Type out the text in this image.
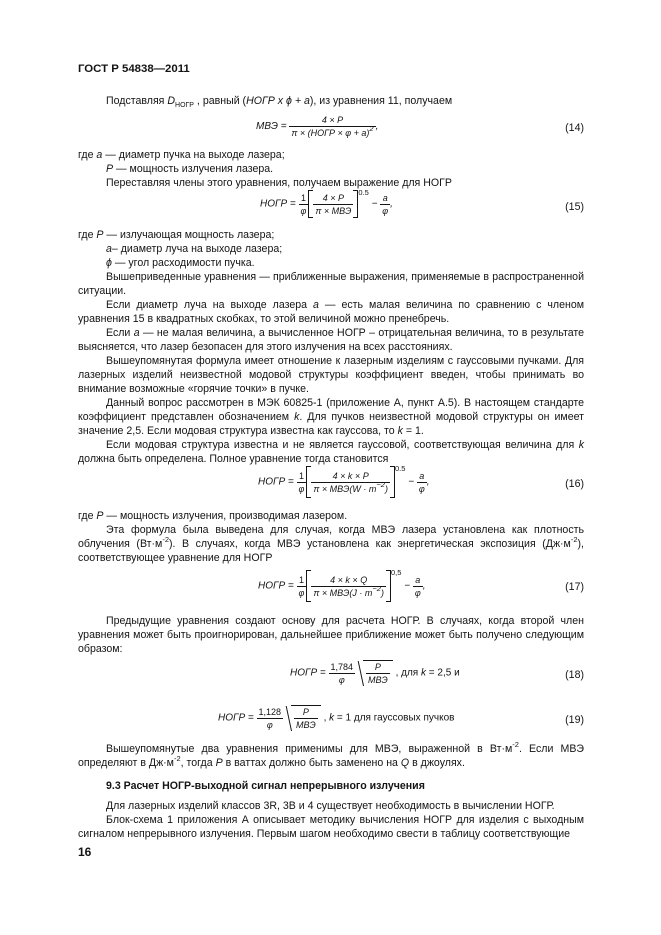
ГОСТ Р 54838—2011
Подставляя $D_{НОГР}$ , равный (НОГР х ϕ + а), из уравнения 11, получаем
МВЭ = $\frac{4 \times Р}{\pi \times (НОГР \times \varphi + а)^2}$ ,	(14)
где а — диаметр пучка на выходе лазера;
Р — мощность излучения лазера.
Переставляя члены этого уравнения, получаем выражение для НОГР
НОГР = $\frac{1}{\varphi} \frac{4 \times Р}{\text{π × МВЭ}} ^{0.5} - \frac{а}{\varphi}$ ,	(15)
где Р — излучающая мощность лазера;
а– диаметр луча на выходе лазера;
ϕ — угол расходимости пучка.
Вышеприведенные уравнения — приближенные выражения, применяемые в распространенной ситуации.
Если диаметр луча на выходе лазера а — есть малая величина по сравнению с членом уравнения 15 в квадратных скобках, то этой величиной можно пренебречь.
Если а — не малая величина, а вычисленное НОГР – отрицательная величина, то в результате выясняется, что лазер безопасен для этого излучения на всех расстояниях.
Вышеупомянутая формула имеет отношение к лазерным изделиям с гауссовыми пучками. Для лазерных изделий неизвестной модовой структуры коэффициент введен, чтобы принимать во внимание возможные «горячие точки» в пучке.
Данный вопрос рассмотрен в МЭК 60825-1 (приложение А, пункт А.5). В настоящем стандарте коэффициент представлен обозначением k. Для пучков неизвестной модовой структуры он имеет значение 2,5. Если модовая структура известна как гауссова, то k = 1.
Если модовая структура известна и не является гауссовой, соответствующая величина для k должна быть определена. Полное уравнение тогда становится
НОГР = $\frac{1}{\varphi} \frac{4 \times k \times P}{\pi \times МВЭ(W \cdot m^{-2})}$
$^{0.5} - \frac{a}{\varphi}$ ,	(16)
где Р — мощность излучения, производимая лазером.
Эта формула была выведена для случая, когда МВЭ лазера установлена как плотность облучения $(Вт\cdot м^{-2})$. В случаях, когда МВЭ установлена как энергетическая экспозиция $(Дж\cdot м^{-2})$, соответствующее уравнение для НОГР
НОГР = $\frac{1}{\varphi} \frac{4 \times k \times Q}{\pi \times МВЭ(J \cdot m^{-2})}$
$^{0,5} - \frac{a}{\varphi}$ ,	(17)
Предыдущие уравнения создают основу для расчета НОГР. В случаях, когда второй член уравнения может быть проигнорирован, дальнейшее приближение может быть получено следующим образом:
НОГР = $\frac{1,784}{\varphi} \frac{P}{\text{МВЭ}}$ , для k = 2,5 и	(18)
НОГР = $\frac{1,128}{\varphi} \frac{P}{\text{МВЭ}}$ , k = 1 для гауссовых пучков	(19)
Вышеупомянутые два уравнения применимы для МВЭ, выраженной в $Вт\cdot м^{-2}$. Если МВЭ определяют в $Дж\cdot м^{-2}$, тогда Р в ваттах должно быть заменено на Q в джоулях.
9.3 Расчет НОГР-выходной сигнал непрерывного излучения
Для лазерных изделий классов 3R, 3В и 4 существует необходимость в вычислении НОГР.
Блок-схема 1 приложения А описывает методику вычисления НОГР для изделия с выходным сигналом непрерывного излучения. Первым шагом необходимо свести в таблицу соответствующие
16
